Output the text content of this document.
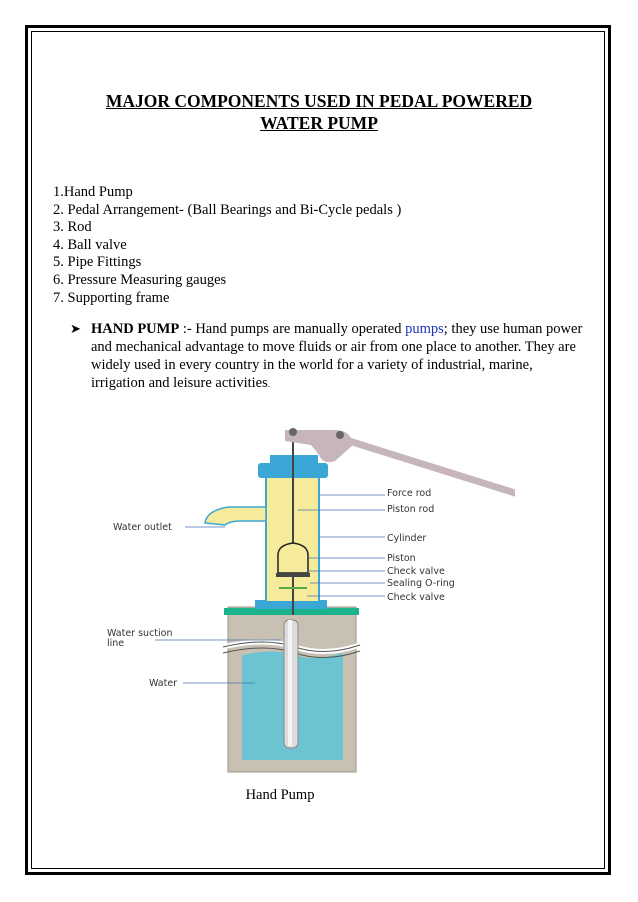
MAJOR COMPONENTS USED IN PEDAL POWERED
WATER PUMP
1.Hand Pump
2. Pedal Arrangement- (Ball Bearings and Bi-Cycle pedals )
3. Rod
4. Ball valve
5. Pipe Fittings
6. Pressure Measuring gauges
7. Supporting frame
➤ HAND PUMP :- Hand pumps are manually operated pumps; they use human power and mechanical advantage to move fluids or air from one place to another. They are widely used in every country in the world for a variety of industrial, marine, irrigation and leisure activities.
Force rod
Piston rod
Water outlet
Cylinder
Piston
Check valve
Sealing O-ring
Check valve
Water suction
line
Water
Hand Pump
